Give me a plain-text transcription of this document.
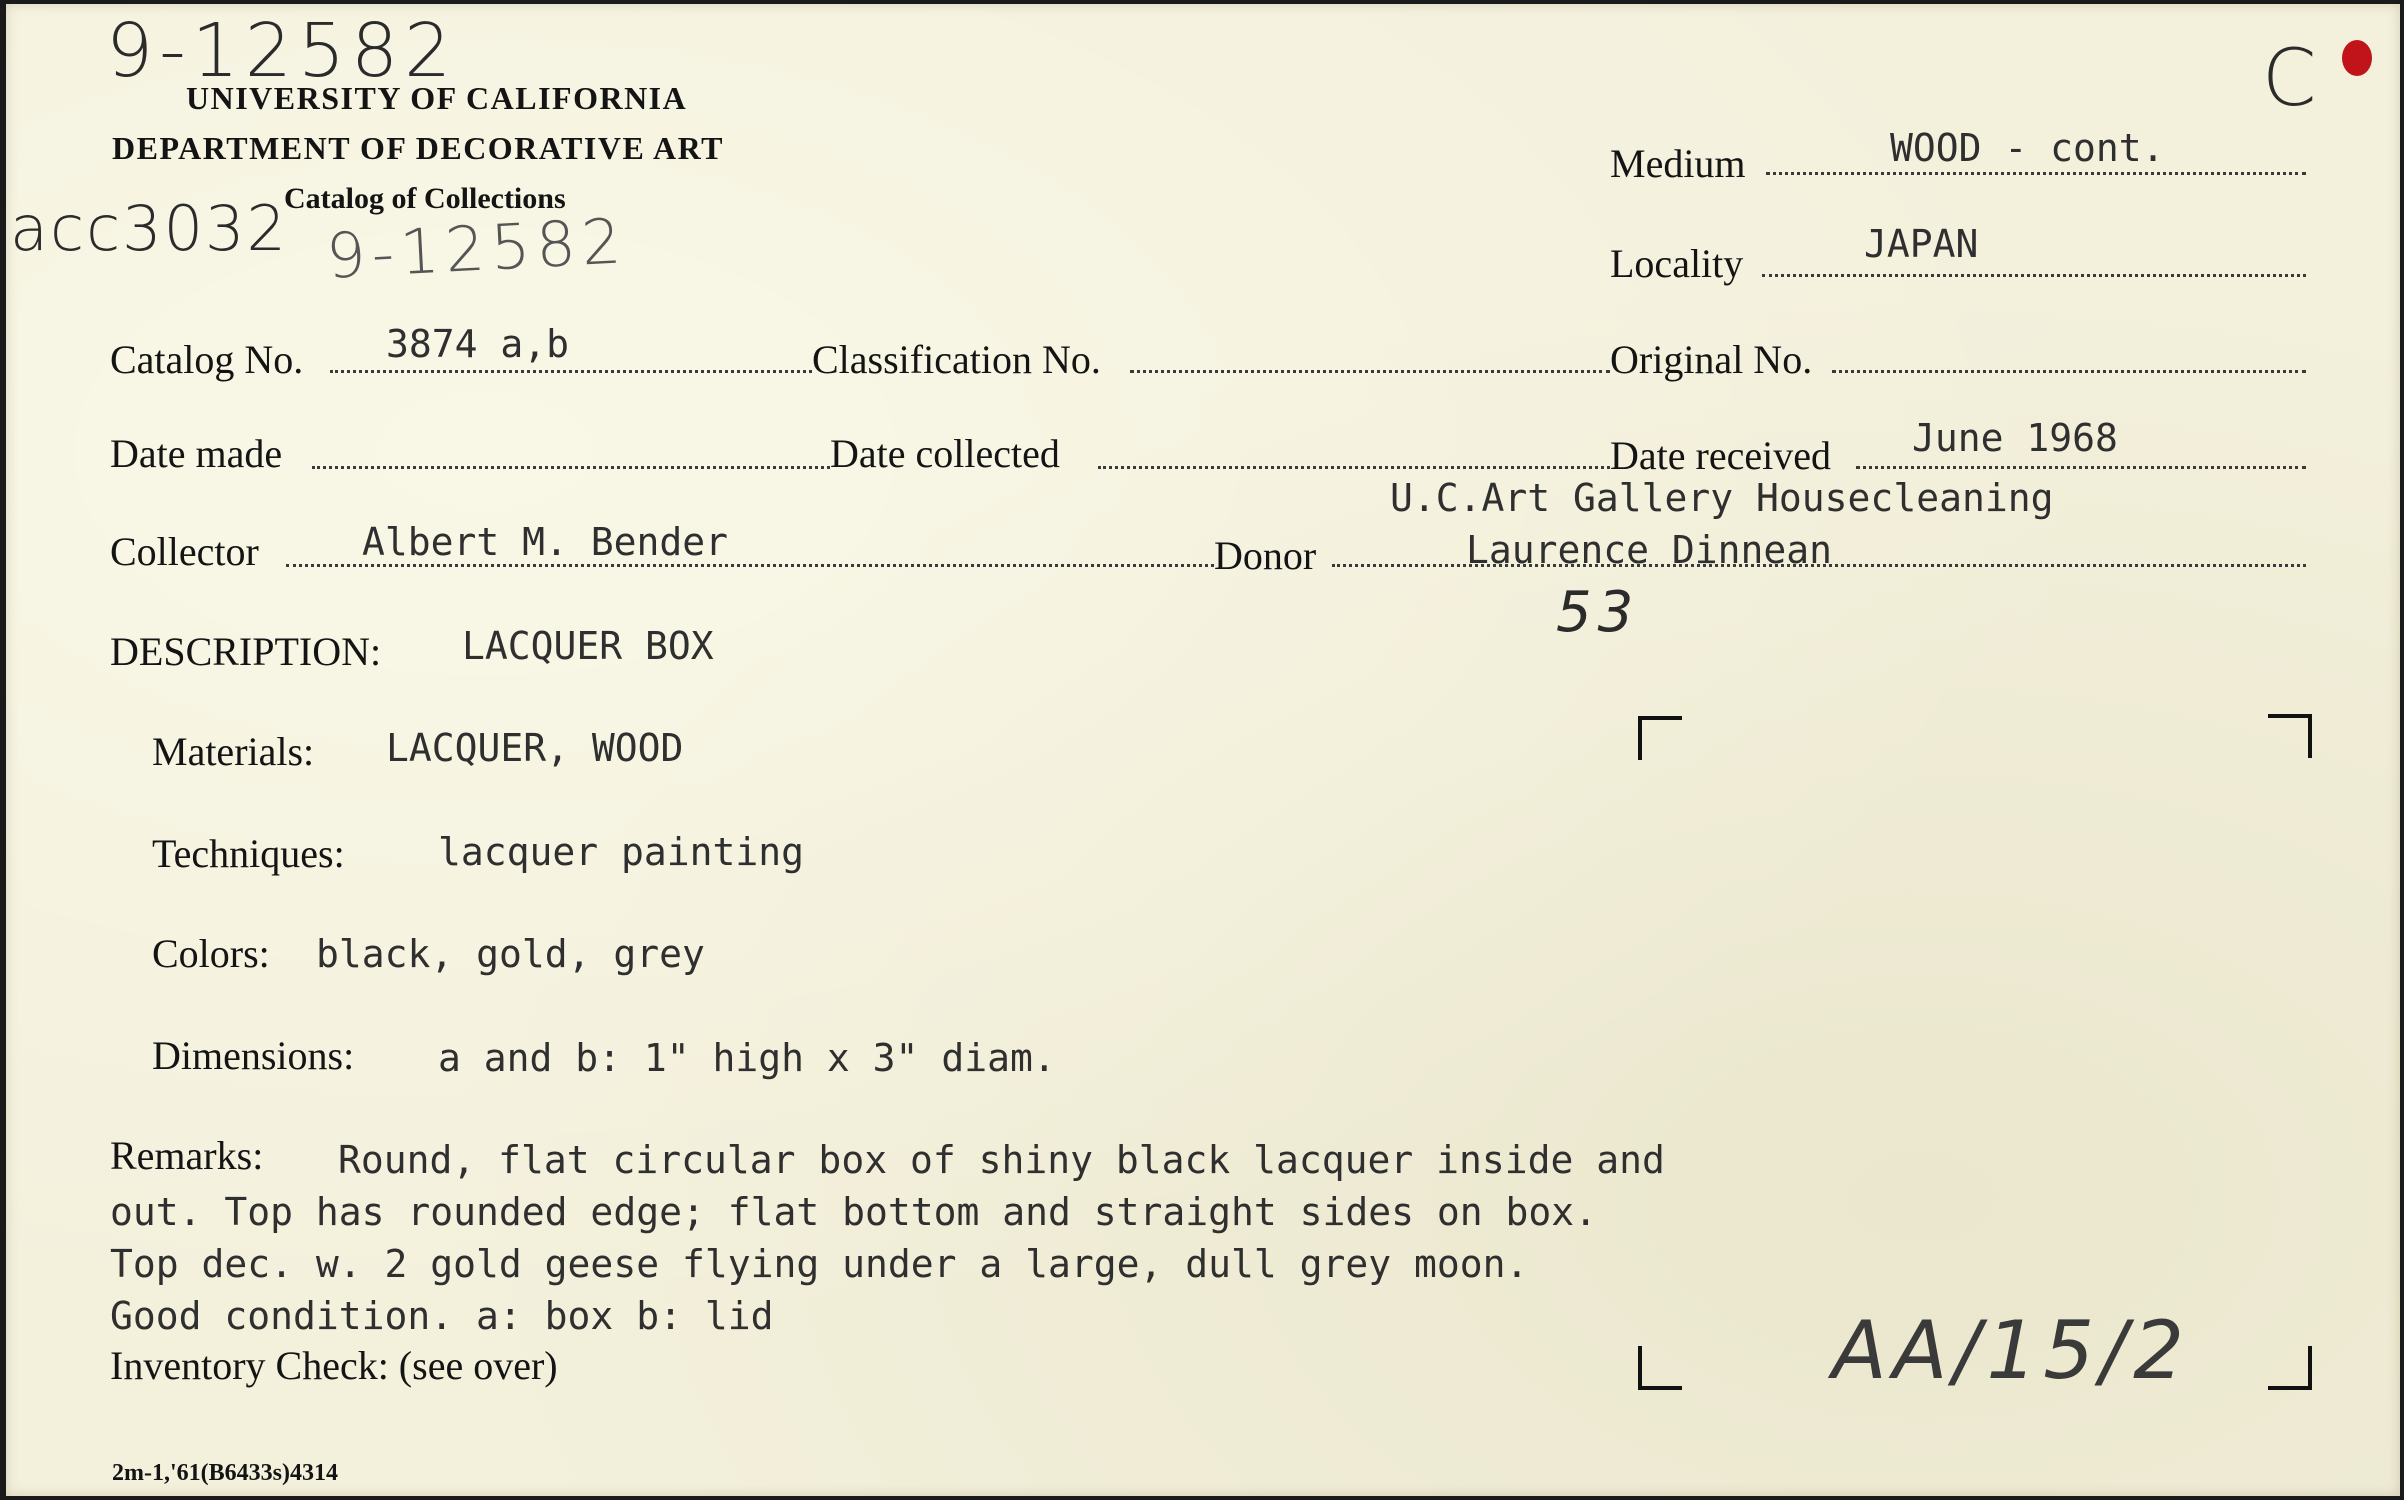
9-12582
UNIVERSITY OF CALIFORNIA
DEPARTMENT OF DECORATIVE ART
Catalog of Collections
acc3032 9-12582
C
Medium	WOOD - cont.
Locality	JAPAN
Catalog No. 3874 a,b	Classification No.	Original No.
Date made	Date collected	Date received June 1968
U.C.Art Gallery Housecleaning
Collector	Albert M. Bender	Donor	Laurence Dinnean
53
DESCRIPTION: LACQUER BOX
Materials: LACQUER, WOOD
Techniques: lacquer painting
Colors: black, gold, grey
Dimensions: a and b: 1" high x 3" diam.
Remarks: Round, flat circular box of shiny black lacquer inside and
out. Top has rounded edge; flat bottom and straight sides on box.
Top dec. w. 2 gold geese flying under a large, dull grey moon.
Good condition. a: box b: lid
Inventory Check: (see over)	AA/15/2
2m-1,'61(B6433s)4314
